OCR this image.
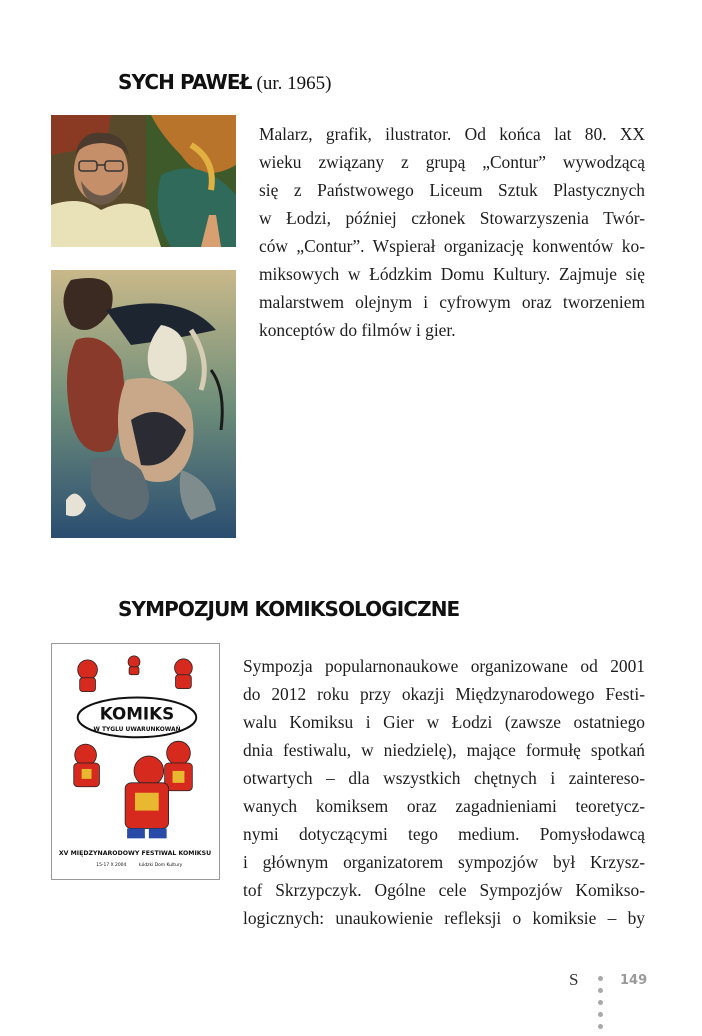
SYCH PAWEŁ (ur. 1965)
Malarz, grafik, ilustrator. Od końca lat 80. XX
wieku związany z grupą „Contur” wywodzącą
się z Państwowego Liceum Sztuk Plastycznych
w Łodzi, później członek Stowarzyszenia Twór-
ców „Contur”. Wspierał organizację konwentów ko-
miksowych w Łódzkim Domu Kultury. Zajmuje się
malarstwem olejnym i cyfrowym oraz tworzeniem
konceptów do filmów i gier.
SYMPOZJUM KOMIKSOLOGICZNE
KOMIKS
W TYGLU UWARUNKOWAŃ
XV MIĘDZYNARODOWY FESTIWAL KOMIKSU
15-17 X 2004	Łódzki Dom Kultury
Sympozja popularnonaukowe organizowane od 2001
do 2012 roku przy okazji Międzynarodowego Festi-
walu Komiksu i Gier w Łodzi (zawsze ostatniego
dnia festiwalu, w niedzielę), mające formułę spotkań
otwartych – dla wszystkich chętnych i zaintereso-
wanych komiksem oraz zagadnieniami teoretycz-
nymi dotyczącymi tego medium. Pomysłodawcą
i głównym organizatorem sympozjów był Krzysz-
tof Skrzypczyk. Ogólne cele Sympozjów Komikso-
logicznych: unaukowienie refleksji o komiksie – by
S	149
